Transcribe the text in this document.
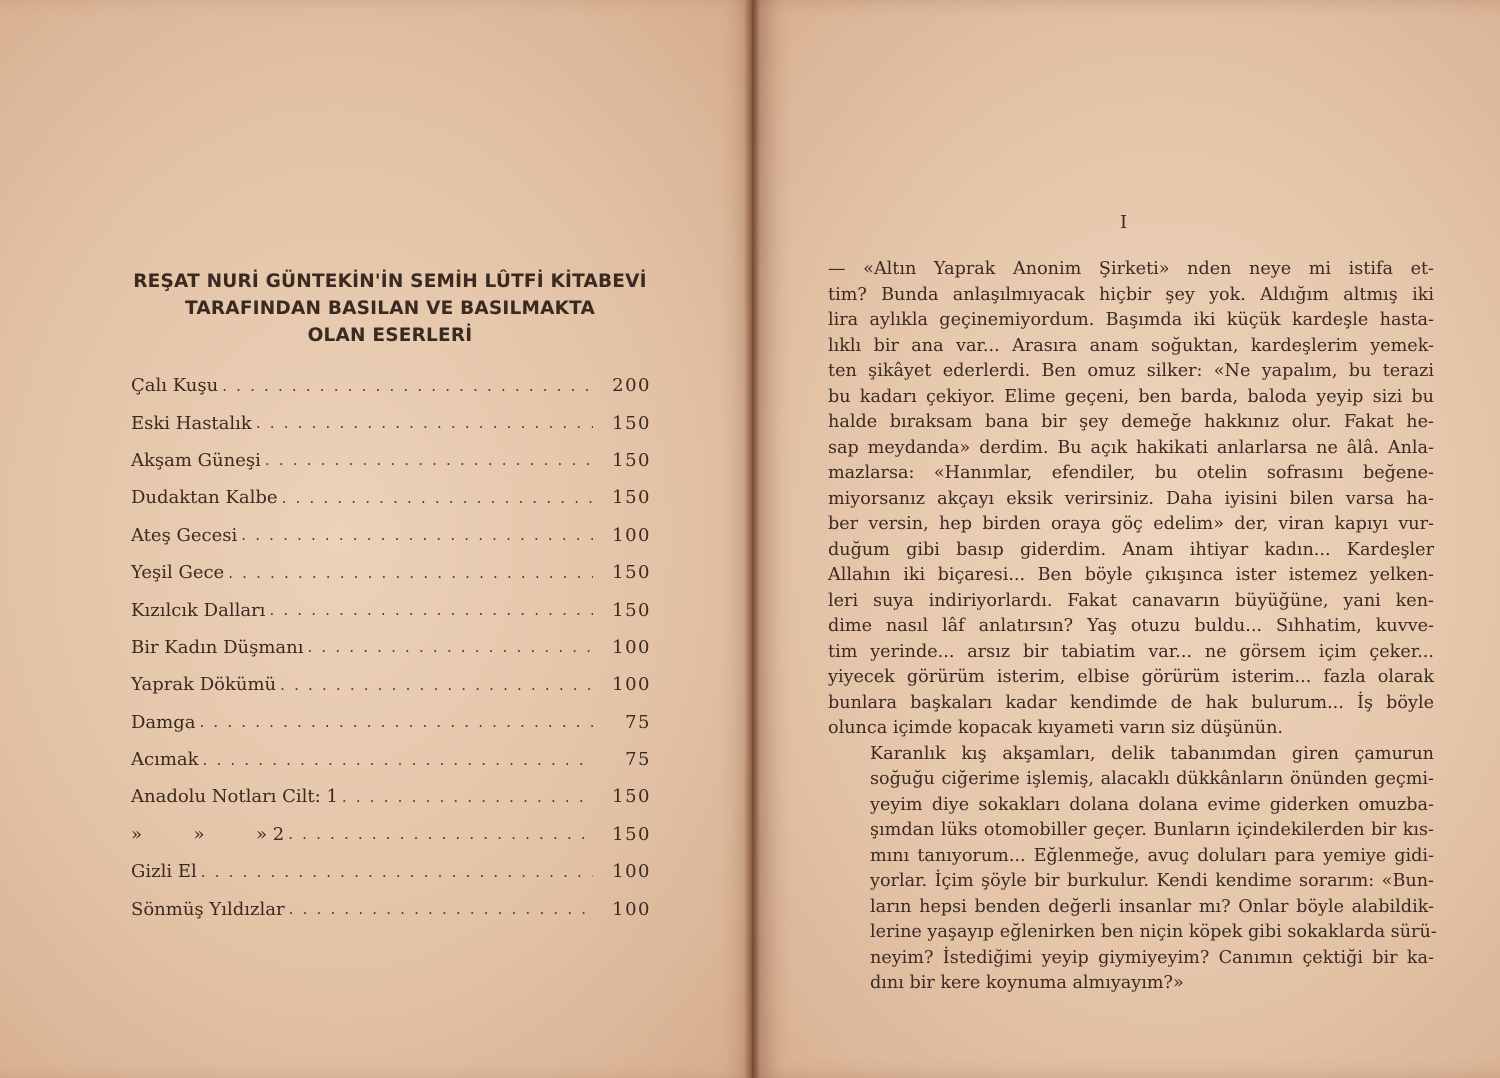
REŞAT NURİ GÜNTEKİN'İN SEMİH LÛTFİ KİTABEVİ
TARAFINDAN BASILAN VE BASILMAKTA
OLAN ESERLERİ
Çalı Kuşu . . .	200
Eski Hastalık . . .	150
Akşam Güneşi . . .	150
Dudaktan Kalbe . . .	150
Ateş Gecesi . . .	100
Yeşil Gece . . .	150
Kızılcık Dalları . . .	150
Bir Kadın Düşmanı . . .	100
Yaprak Dökümü . . .	100
Damga . . .	75
Acımak . . .	75
Anadolu Notları Cilt: 1 . . .	150
»         »         » 2 . . .	150
Gizli El . . .	100
Sönmüş Yıldızlar . . .	100
I

— «Altın Yaprak Anonim Şirketi» nden neye mi istifa et-
tim? Bunda anlaşılmıyacak hiçbir şey yok. Aldığım altmış iki
lira aylıkla geçinemiyordum. Başımda iki küçük kardeşle hasta-
lıklı bir ana var... Arasıra anam soğuktan, kardeşlerim yemek-
ten şikâyet ederlerdi. Ben omuz silker: «Ne yapalım, bu terazi
bu kadarı çekiyor. Elime geçeni, ben barda, baloda yeyip sizi bu
halde bıraksam bana bir şey demeğe hakkınız olur. Fakat he-
sap meydanda» derdim. Bu açık hakikati anlarlarsa ne âlâ. Anla-
mazlarsa: «Hanımlar, efendiler, bu otelin sofrasını beğene-
miyorsanız akçayı eksik verirsiniz. Daha iyisini bilen varsa ha-
ber versin, hep birden oraya göç edelim» der, viran kapıyı vur-
duğum gibi basıp giderdim. Anam ihtiyar kadın... Kardeşler
Allahın iki biçaresi... Ben böyle çıkışınca ister istemez yelken-
leri suya indiriyorlardı. Fakat canavarın büyüğüne, yani ken-
dime nasıl lâf anlatırsın? Yaş otuzu buldu... Sıhhatim, kuvve-
tim yerinde... arsız bir tabiatim var... ne görsem içim çeker...
yiyecek görürüm isterim, elbise görürüm isterim... fazla olarak
bunlara başkaları kadar kendimde de hak bulurum... İş böyle
olunca içimde kopacak kıyameti varın siz düşünün.

Karanlık kış akşamları, delik tabanımdan giren çamurun
soğuğu ciğerime işlemiş, alacaklı dükkânların önünden geçmi-
yeyim diye sokakları dolana dolana evime giderken omuzba-
şımdan lüks otomobiller geçer. Bunların içindekilerden bir kıs-
mını tanıyorum... Eğlenmeğe, avuç doluları para yemiye gidi-
yorlar. İçim şöyle bir burkulur. Kendi kendime sorarım: «Bun-
ların hepsi benden değerli insanlar mı? Onlar böyle alabildik-
lerine yaşayıp eğlenirken ben niçin köpek gibi sokaklarda sürü-
neyim? İstediğimi yeyip giymiyeyim? Canımın çektiği bir ka-
dını bir kere koynuma almıyayım?»
